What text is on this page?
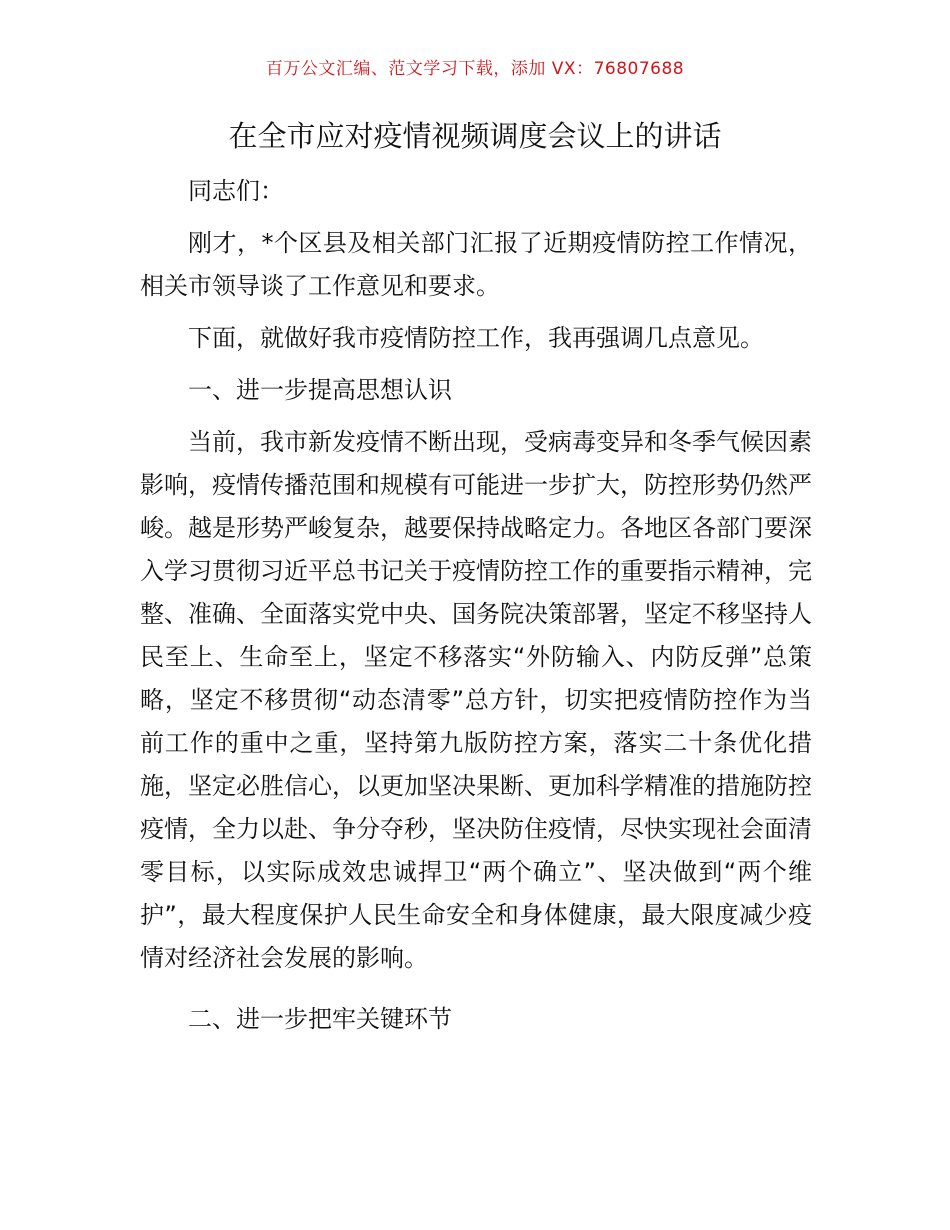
百万公文汇编、范文学习下载，添加 VX：76807688
在全市应对疫情视频调度会议上的讲话

同志们：

刚才，*个区县及相关部门汇报了近期疫情防控工作情况，相关市领导谈了工作意见和要求。

下面，就做好我市疫情防控工作，我再强调几点意见。

一、进一步提高思想认识

当前，我市新发疫情不断出现，受病毒变异和冬季气候因素影响，疫情传播范围和规模有可能进一步扩大，防控形势仍然严峻。越是形势严峻复杂，越要保持战略定力。各地区各部门要深入学习贯彻习近平总书记关于疫情防控工作的重要指示精神，完整、准确、全面落实党中央、国务院决策部署，坚定不移坚持人民至上、生命至上，坚定不移落实“外防输入、内防反弹”总策略，坚定不移贯彻“动态清零”总方针，切实把疫情防控作为当前工作的重中之重，坚持第九版防控方案，落实二十条优化措施，坚定必胜信心，以更加坚决果断、更加科学精准的措施防控疫情，全力以赴、争分夺秒，坚决防住疫情，尽快实现社会面清零目标，以实际成效忠诚捍卫“两个确立”、坚决做到“两个维护”，最大程度保护人民生命安全和身体健康，最大限度减少疫情对经济社会发展的影响。

二、进一步把牢关键环节
